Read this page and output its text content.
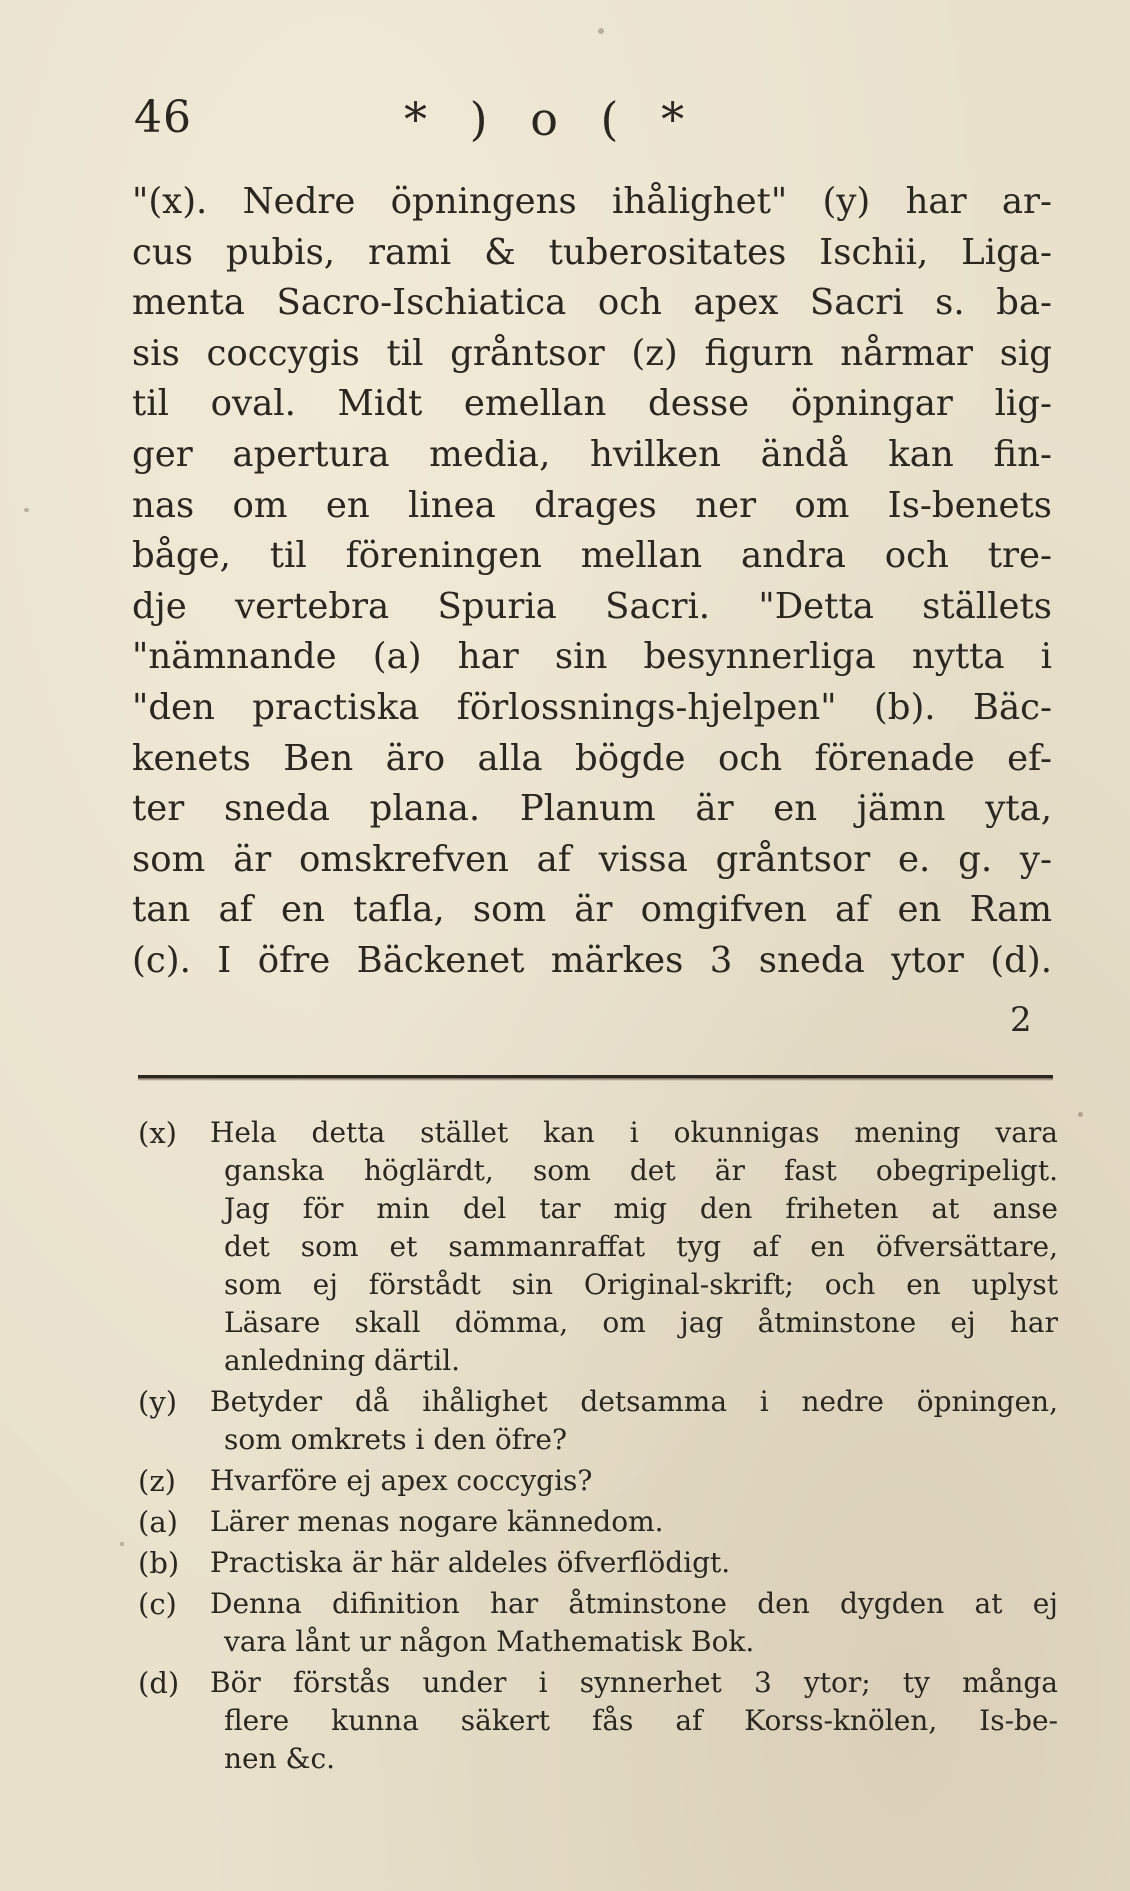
46	* ) o ( *
"(x). Nedre öpningens ihålighet" (y) har ar-
cus pubis, rami & tuberositates Ischii, Liga-
menta Sacro-Ischiatica och apex Sacri s. ba-
sis coccygis til gråntsor (z) figurn nårmar sig
til oval. Midt emellan desse öpningar lig-
ger apertura media, hvilken ändå kan fin-
nas om en linea drages ner om Is-benets
båge, til föreningen mellan andra och tre-
dje vertebra Spuria Sacri. "Detta ställets
"nämnande (a) har sin besynnerliga nytta i
"den practiska förlossnings-hjelpen" (b). Bäc-
kenets Ben äro alla bögde och förenade ef-
ter sneda plana. Planum är en jämn yta,
som är omskrefven af vissa gråntsor e. g. y-
tan af en tafla, som är omgifven af en Ram
(c). I öfre Bäckenet märkes 3 sneda ytor (d).
2
(x) Hela detta stället kan i okunnigas mening vara
ganska höglärdt, som det är fast obegripeligt.
Jag för min del tar mig den friheten at anse
det som et sammanraffat tyg af en öfversättare,
som ej förstådt sin Original-skrift; och en uplyst
Läsare skall dömma, om jag åtminstone ej har
anledning därtil.
(y) Betyder då ihålighet detsamma i nedre öpningen,
som omkrets i den öfre?
(z) Hvarföre ej apex coccygis?
(a) Lärer menas nogare kännedom.
(b) Practiska är här aldeles öfverflödigt.
(c) Denna difinition har åtminstone den dygden at ej
vara lånt ur någon Mathematisk Bok.
(d) Bör förstås under i synnerhet 3 ytor; ty många
flere kunna säkert fås af Korss-knölen, Is-be-
nen &c.
